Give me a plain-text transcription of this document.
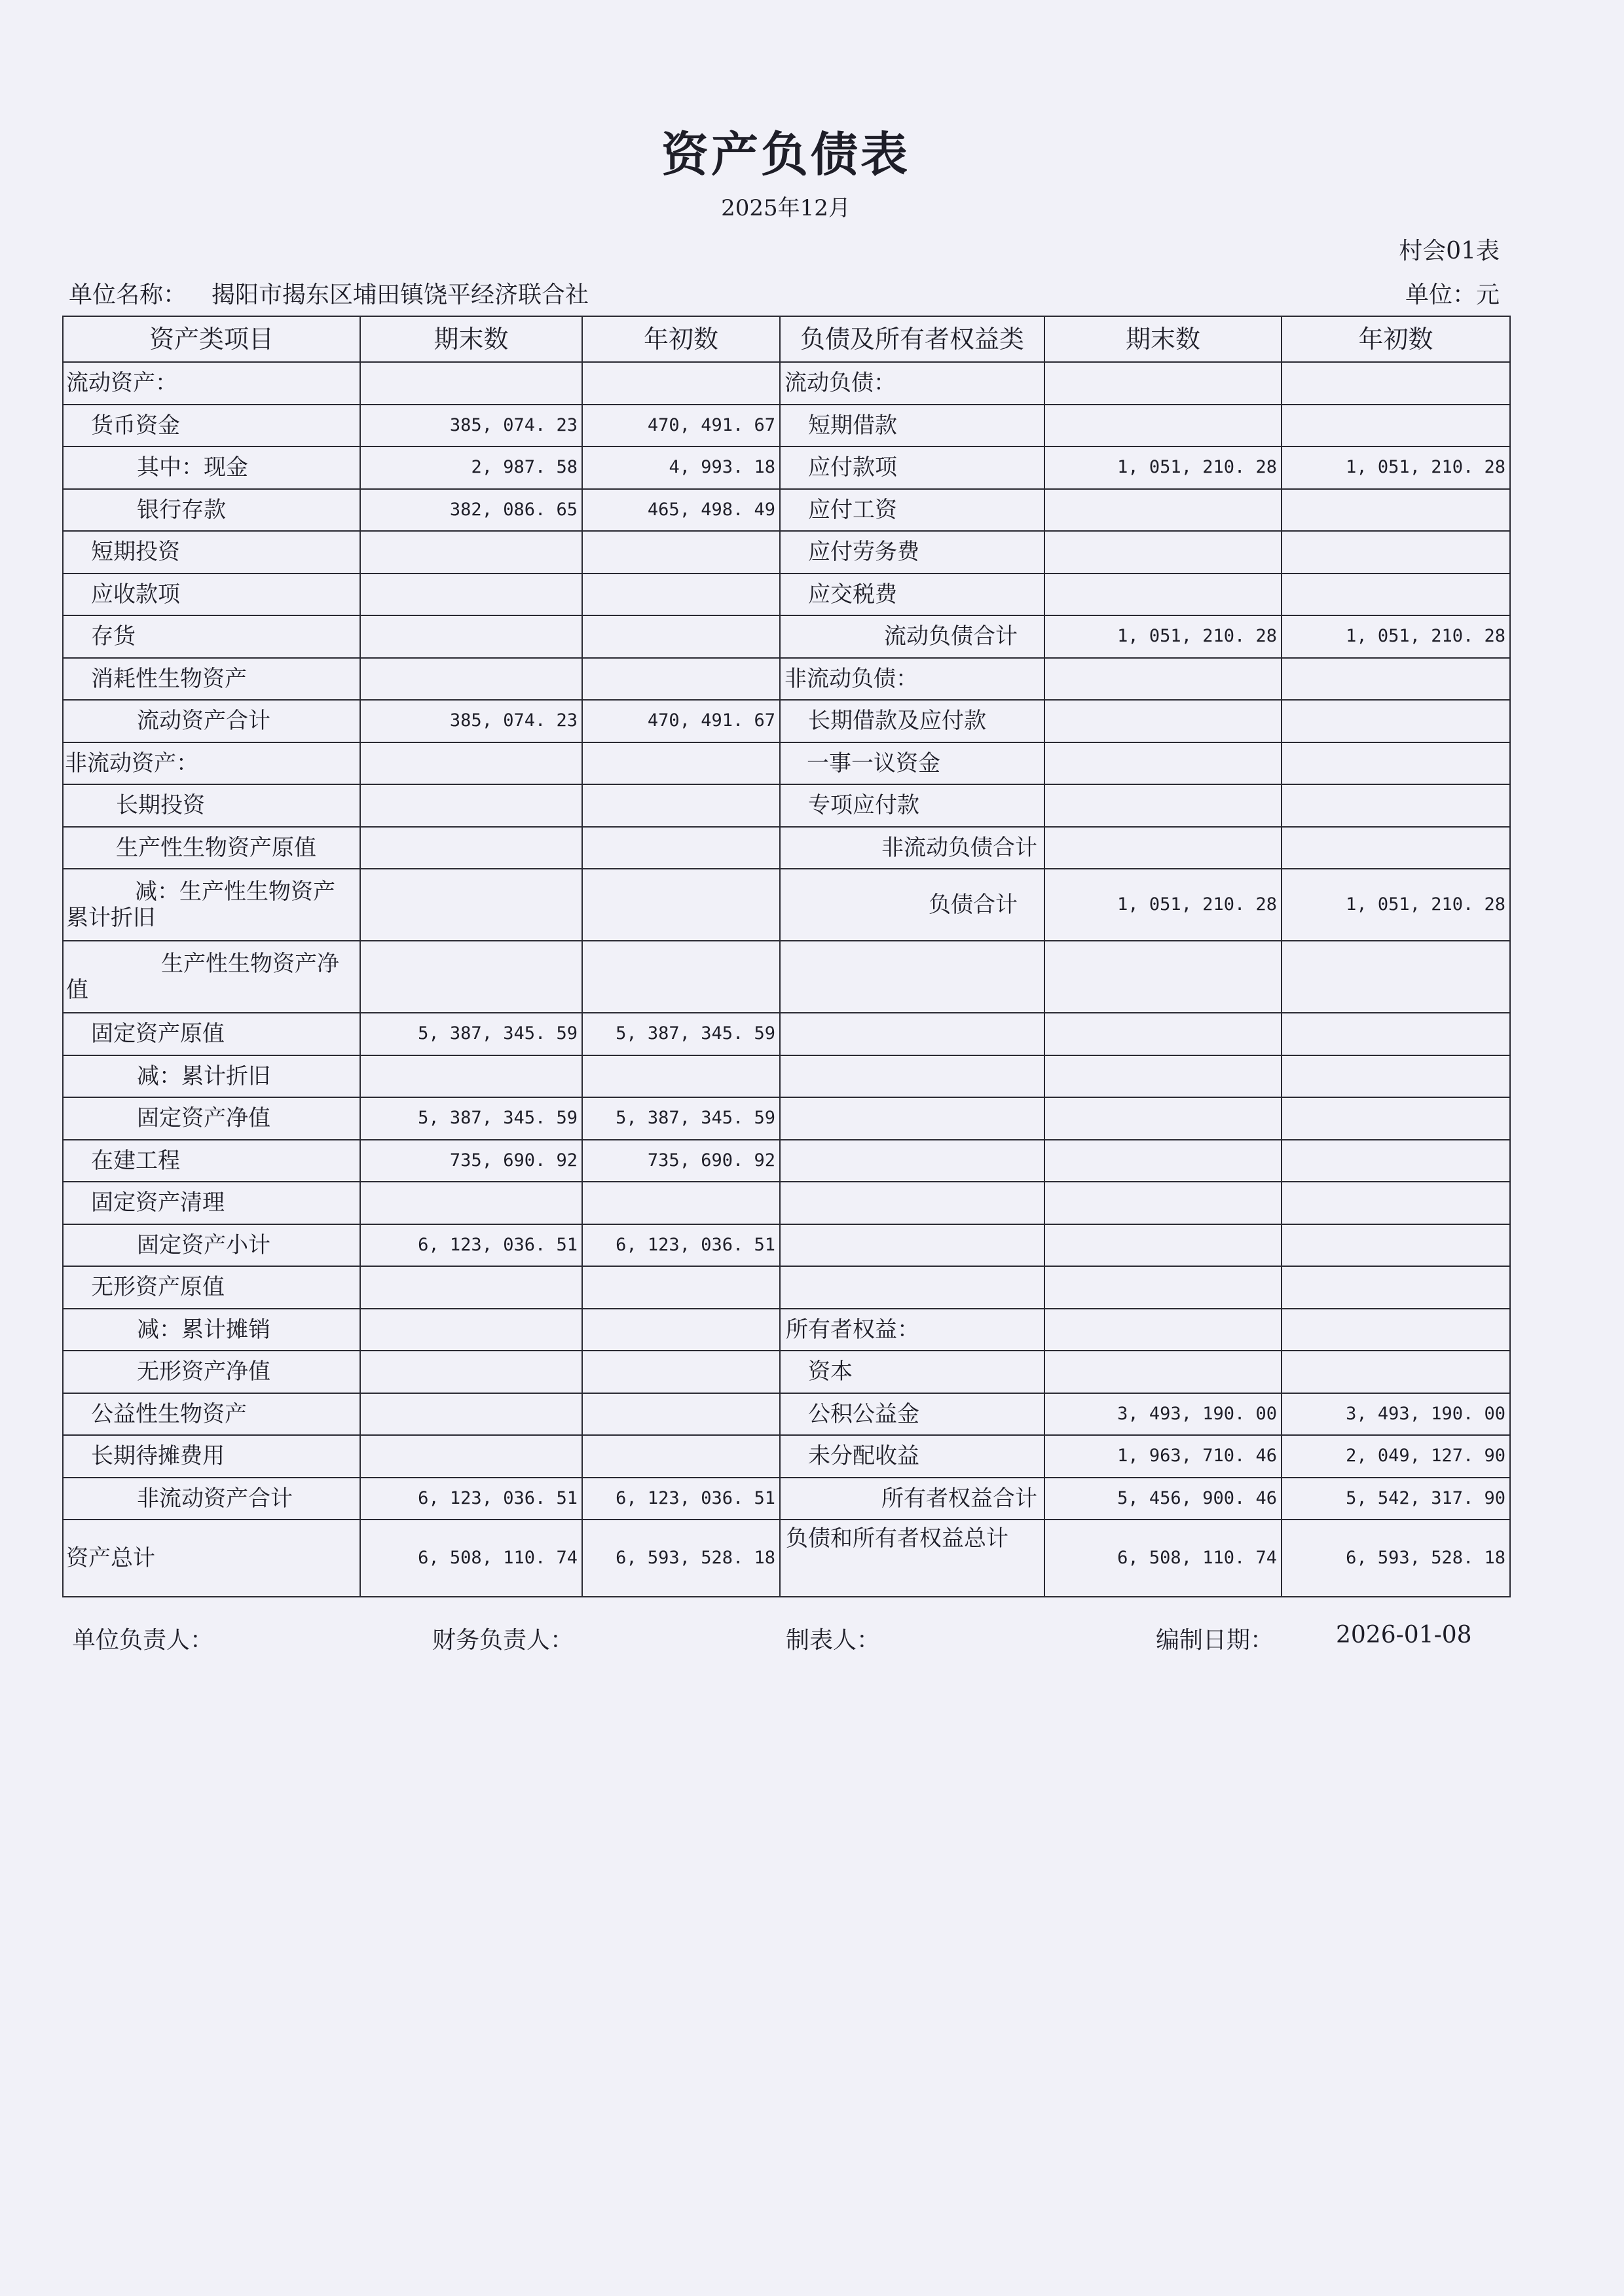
资产负债表
2025年12月
村会01表
单位名称： 揭阳市揭东区埔田镇饶平经济联合社	单位：元
资产类项目	期末数	年初数	负债及所有者权益类	期末数	年初数
流动资产：			流动负债：		
货币资金	385, 074. 23	470, 491. 67	短期借款		
其中：现金	2, 987. 58	4, 993. 18	应付款项	1, 051, 210. 28	1, 051, 210. 28
银行存款	382, 086. 65	465, 498. 49	应付工资		
短期投资			应付劳务费		
应收款项			应交税费		
存货			流动负债合计	1, 051, 210. 28	1, 051, 210. 28
消耗性生物资产			非流动负债：		
流动资产合计	385, 074. 23	470, 491. 67	长期借款及应付款		
非流动资产：			一事一议资金		
长期投资			专项应付款		
生产性生物资产原值			非流动负债合计		
减：生产性生物资产累计折旧			负债合计	1, 051, 210. 28	1, 051, 210. 28
生产性生物资产净值					
固定资产原值	5, 387, 345. 59	5, 387, 345. 59			
减：累计折旧					
固定资产净值	5, 387, 345. 59	5, 387, 345. 59			
在建工程	735, 690. 92	735, 690. 92			
固定资产清理					
固定资产小计	6, 123, 036. 51	6, 123, 036. 51			
无形资产原值					
减：累计摊销			所有者权益：		
无形资产净值			资本		
公益性生物资产			公积公益金	3, 493, 190. 00	3, 493, 190. 00
长期待摊费用			未分配收益	1, 963, 710. 46	2, 049, 127. 90
非流动资产合计	6, 123, 036. 51	6, 123, 036. 51	所有者权益合计	5, 456, 900. 46	5, 542, 317. 90
资产总计	6, 508, 110. 74	6, 593, 528. 18	负债和所有者权益总计	6, 508, 110. 74	6, 593, 528. 18
单位负责人：	财务负责人：	制表人：	编制日期：	2026-01-08
